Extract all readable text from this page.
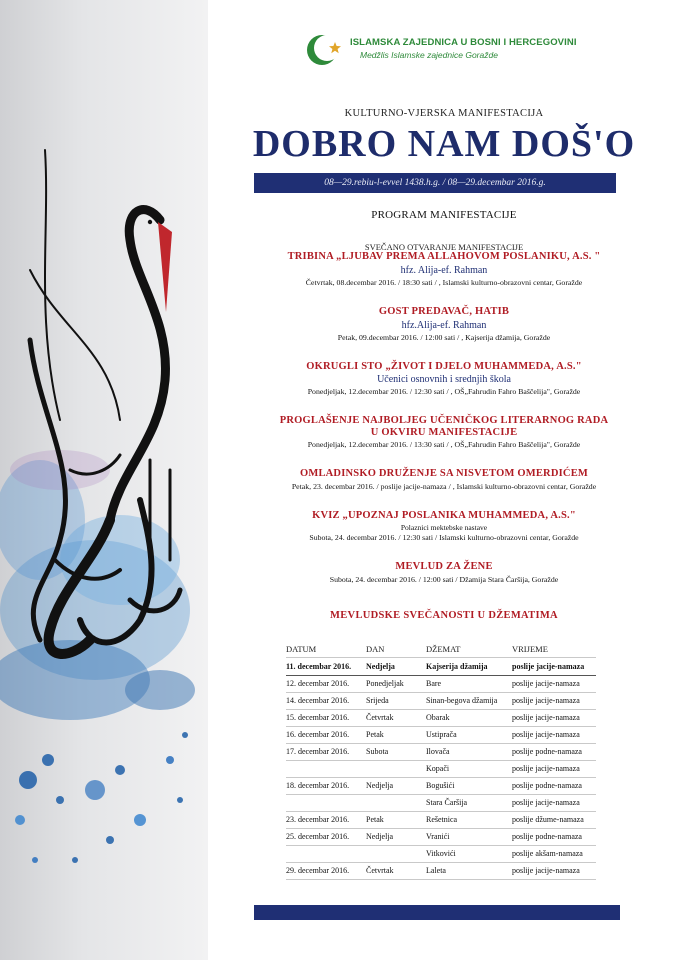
ISLAMSKA ZAJEDNICA U BOSNI I HERCEGOVINI
Medžlis Islamske zajednice Goražde
KULTURNO-VJERSKA MANIFESTACIJA
DOBRO NAM DOŠ'O
08—29.rebiu-l-evvel 1438.h.g. / 08—29.decembar 2016.g.
PROGRAM MANIFESTACIJE
SVEČANO OTVARANJE MANIFESTACIJE
TRIBINA „LJUBAV PREMA ALLAHOVOM POSLANIKU, A.S. "
hfz. Alija-ef. Rahman
Četvrtak, 08.decembar 2016. / 18:30 sati / , Islamski kulturno-obrazovni centar, Goražde
GOST PREDAVAČ, HATIB
hfz.Alija-ef. Rahman
Petak, 09.decembar 2016. / 12:00 sati / , Kajserija džamija, Goražde
OKRUGLI STO „ŽIVOT I DJELO MUHAMMEDA, A.S."
Učenici osnovnih i srednjih škola
Ponedjeljak, 12.decembar 2016. / 12:30 sati / , OŠ„Fahrudin Fahro Baščelija", Goražde
PROGLAŠENJE NAJBOLJEG UČENIČKOG LITERARNOG RADA
U OKVIRU MANIFESTACIJE
Ponedjeljak, 12.decembar 2016. / 13:30 sati / , OŠ„Fahrudin Fahro Baščelija", Goražde
OMLADINSKO DRUŽENJE SA NISVETOM OMERDIĆEM
Petak, 23. decembar 2016. / poslije jacije-namaza / , Islamski kulturno-obrazovni centar, Goražde
KVIZ „UPOZNAJ POSLANIKA MUHAMMEDA, A.S."
Polaznici mektebske nastave
Subota, 24. decembar 2016. / 12:30 sati / Islamski kulturno-obrazovni centar, Goražde
MEVLUD ZA ŽENE
Subota, 24. decembar 2016. / 12:00 sati / Džamija Stara Čaršija, Goražde
MEVLUDSKE SVEČANOSTI U DŽEMATIMA
DATUM	DAN	DŽEMAT	VRIJEME
11. decembar 2016. Nedjelja	Kajserija džamija	poslije jacije-namaza
12. decembar 2016. Ponedjeljak	Bare	poslije jacije-namaza
14. decembar 2016. Srijeda	Sinan-begova džamija poslije jacije-namaza
15. decembar 2016. Četvrtak	Obarak	poslije jacije-namaza
16. decembar 2016. Petak	Ustiprača	poslije jacije-namaza
17. decembar 2016. Subota	Ilovača	poslije podne-namaza
Kopači	poslije jacije-namaza
18. decembar 2016. Nedjelja	Bogušići	poslije podne-namaza
Stara Čaršija	poslije jacije-namaza
23. decembar 2016. Petak	Rešetnica	poslije džume-namaza
25. decembar 2016. Nedjelja	Vranići	poslije podne-namaza
Vitkovići	poslije akšam-namaza
29. decembar 2016. Četvrtak	Laleta	poslije jacije-namaza
